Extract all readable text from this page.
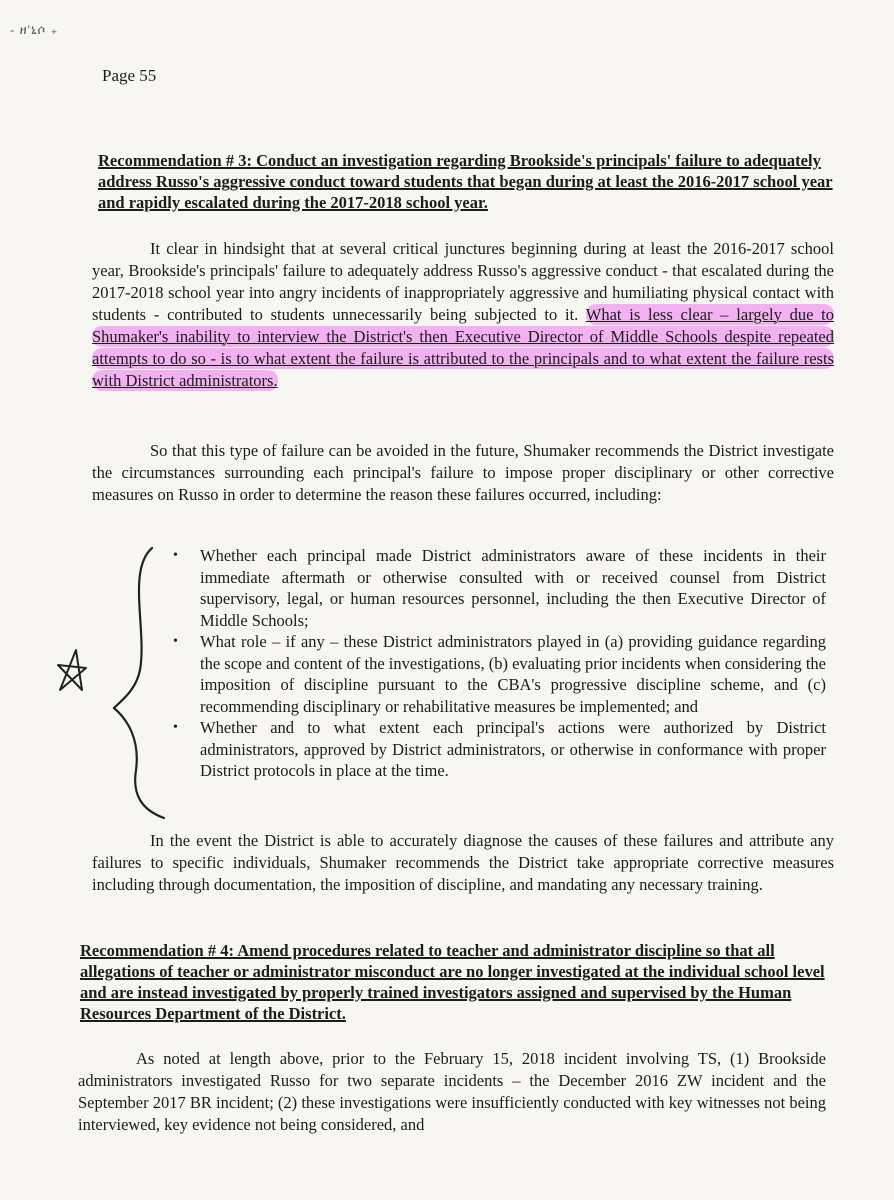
- ዘ'ኒሶ ₊
Page 55
Recommendation # 3: Conduct an investigation regarding Brookside's principals' failure to adequately address Russo's aggressive conduct toward students that began during at least the 2016-2017 school year and rapidly escalated during the 2017-2018 school year.
It clear in hindsight that at several critical junctures beginning during at least the 2016-2017 school year, Brookside's principals' failure to adequately address Russo's aggressive conduct - that escalated during the 2017-2018 school year into angry incidents of inappropriately aggressive and humiliating physical contact with students - contributed to students unnecessarily being subjected to it. What is less clear – largely due to Shumaker's inability to interview the District's then Executive Director of Middle Schools despite repeated attempts to do so - is to what extent the failure is attributed to the principals and to what extent the failure rests with District administrators.
So that this type of failure can be avoided in the future, Shumaker recommends the District investigate the circumstances surrounding each principal's failure to impose proper disciplinary or other corrective measures on Russo in order to determine the reason these failures occurred, including:
• Whether each principal made District administrators aware of these incidents in their immediate aftermath or otherwise consulted with or received counsel from District supervisory, legal, or human resources personnel, including the then Executive Director of Middle Schools;
• What role – if any – these District administrators played in (a) providing guidance regarding the scope and content of the investigations, (b) evaluating prior incidents when considering the imposition of discipline pursuant to the CBA's progressive discipline scheme, and (c) recommending disciplinary or rehabilitative measures be implemented; and
• Whether and to what extent each principal's actions were authorized by District administrators, approved by District administrators, or otherwise in conformance with proper District protocols in place at the time.
In the event the District is able to accurately diagnose the causes of these failures and attribute any failures to specific individuals, Shumaker recommends the District take appropriate corrective measures including through documentation, the imposition of discipline, and mandating any necessary training.
Recommendation # 4: Amend procedures related to teacher and administrator discipline so that all allegations of teacher or administrator misconduct are no longer investigated at the individual school level and are instead investigated by properly trained investigators assigned and supervised by the Human Resources Department of the District.
As noted at length above, prior to the February 15, 2018 incident involving TS, (1) Brookside administrators investigated Russo for two separate incidents – the December 2016 ZW incident and the September 2017 BR incident; (2) these investigations were insufficiently conducted with key witnesses not being interviewed, key evidence not being considered, and
